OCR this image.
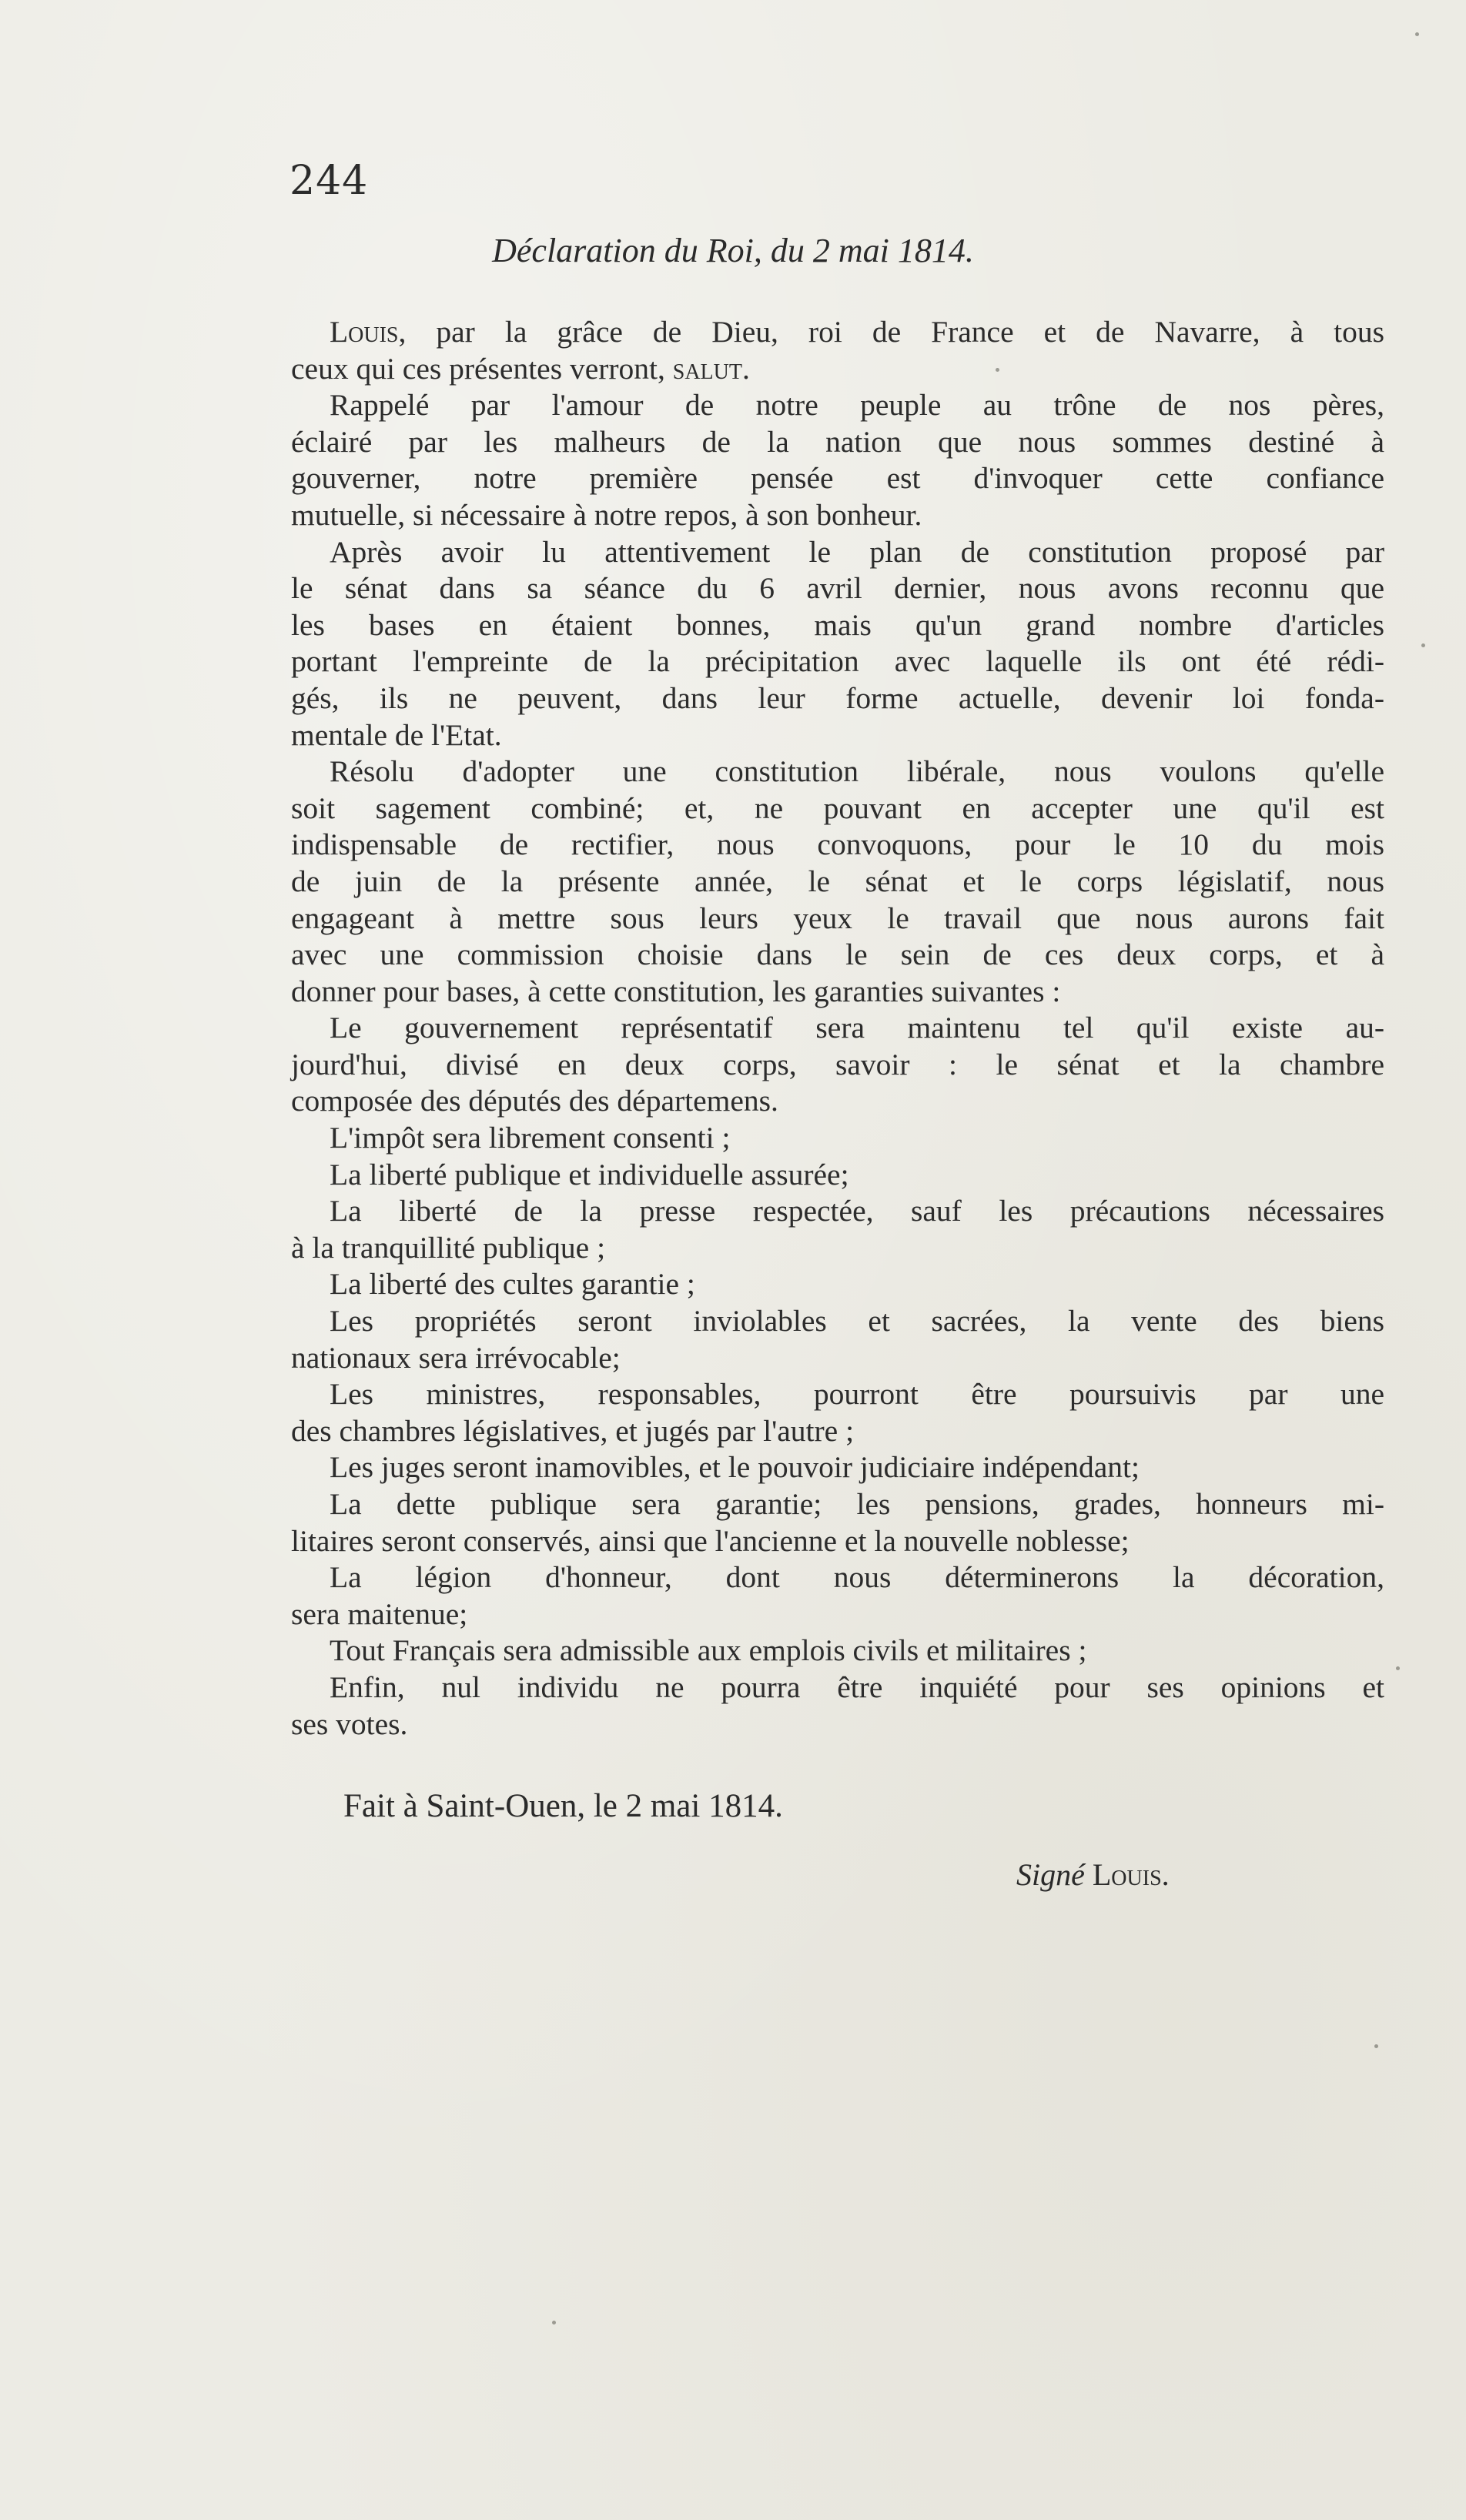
244
Déclaration du Roi, du 2 mai 1814.
Louis, par la grâce de Dieu, roi de France et de Navarre, à tous
ceux qui ces présentes verront, salut.
Rappelé par l'amour de notre peuple au trône de nos pères,
éclairé par les malheurs de la nation que nous sommes destiné à
gouverner, notre première pensée est d'invoquer cette confiance
mutuelle, si nécessaire à notre repos, à son bonheur.
Après avoir lu attentivement le plan de constitution proposé par
le sénat dans sa séance du 6 avril dernier, nous avons reconnu que
les bases en étaient bonnes, mais qu'un grand nombre d'articles
portant l'empreinte de la précipitation avec laquelle ils ont été rédi-
gés, ils ne peuvent, dans leur forme actuelle, devenir loi fonda-
mentale de l'Etat.
Résolu d'adopter une constitution libérale, nous voulons qu'elle
soit sagement combiné; et, ne pouvant en accepter une qu'il est
indispensable de rectifier, nous convoquons, pour le 10 du mois
de juin de la présente année, le sénat et le corps législatif, nous
engageant à mettre sous leurs yeux le travail que nous aurons fait
avec une commission choisie dans le sein de ces deux corps, et à
donner pour bases, à cette constitution, les garanties suivantes :
Le gouvernement représentatif sera maintenu tel qu'il existe au-
jourd'hui, divisé en deux corps, savoir : le sénat et la chambre
composée des députés des départemens.
L'impôt sera librement consenti ;
La liberté publique et individuelle assurée;
La liberté de la presse respectée, sauf les précautions nécessaires
à la tranquillité publique ;
La liberté des cultes garantie ;
Les propriétés seront inviolables et sacrées, la vente des biens
nationaux sera irrévocable;
Les ministres, responsables, pourront être poursuivis par une
des chambres législatives, et jugés par l'autre ;
Les juges seront inamovibles, et le pouvoir judiciaire indépendant;
La dette publique sera garantie; les pensions, grades, honneurs mi-
litaires seront conservés, ainsi que l'ancienne et la nouvelle noblesse;
La légion d'honneur, dont nous déterminerons la décoration,
sera maitenue;
Tout Français sera admissible aux emplois civils et militaires ;
Enfin, nul individu ne pourra être inquiété pour ses opinions et
ses votes.
Fait à Saint-Ouen, le 2 mai 1814.
Signé Louis.
